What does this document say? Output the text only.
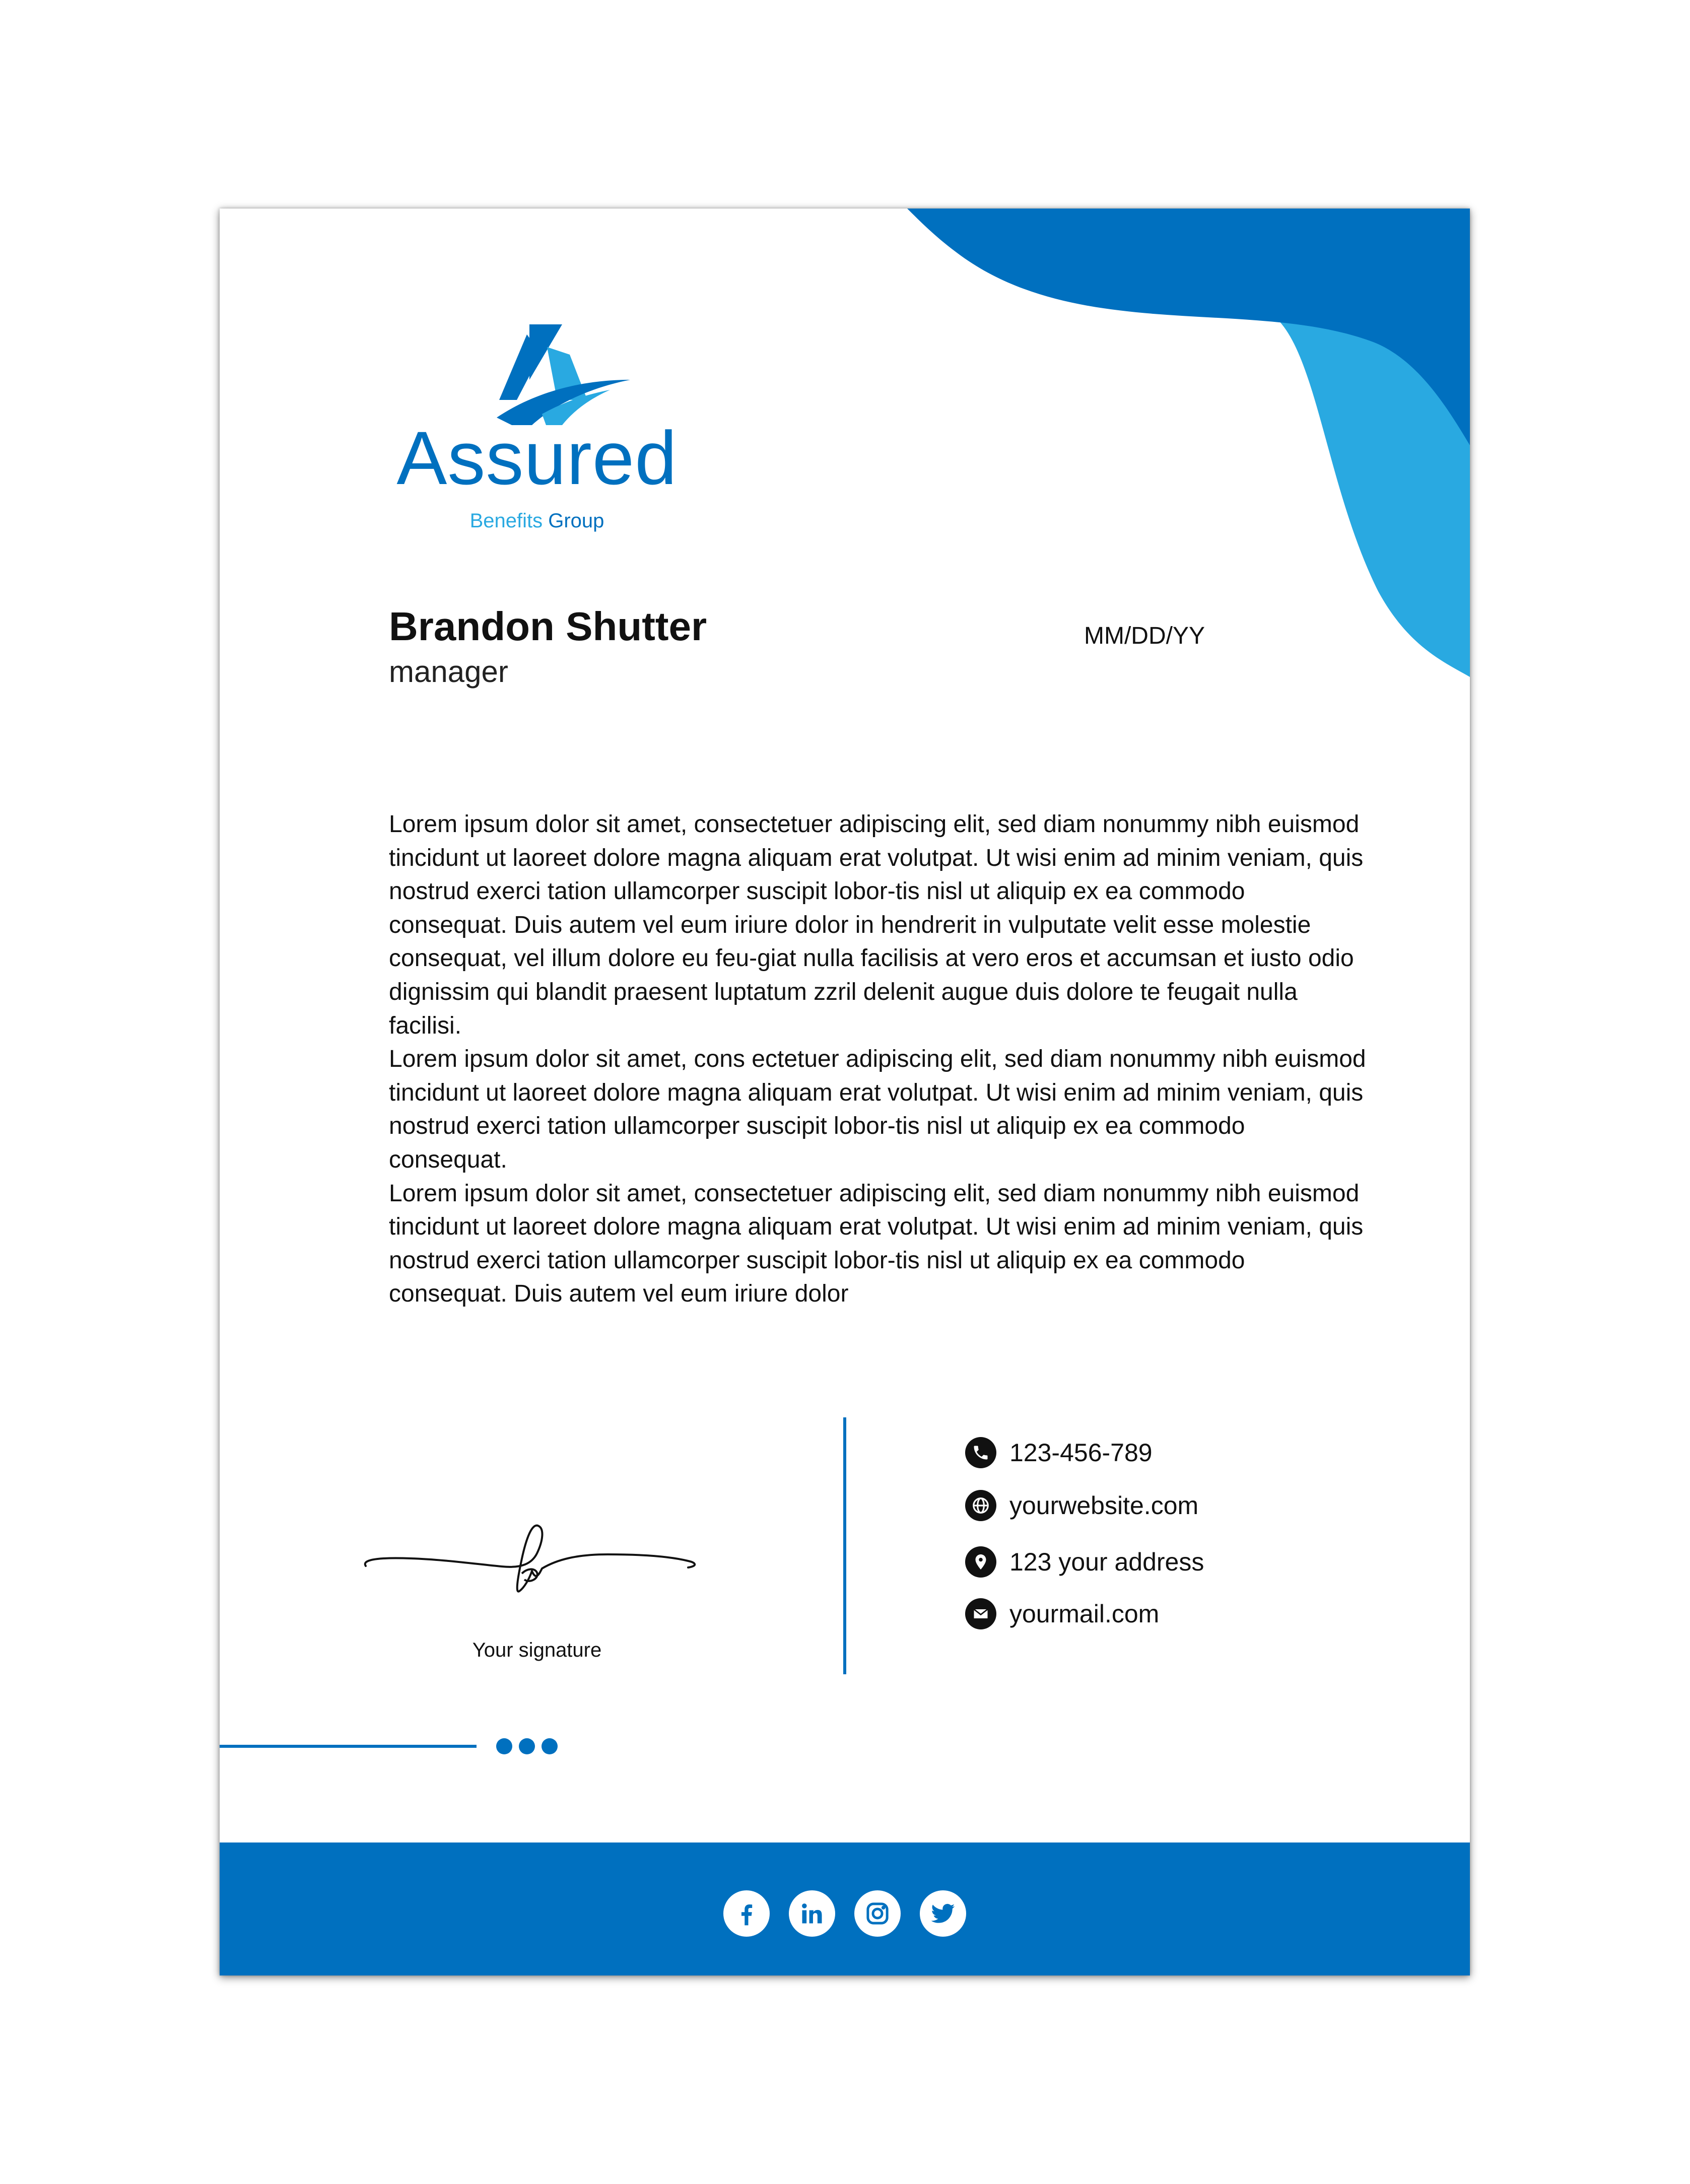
Assured
Benefits Group
Brandon Shutter
manager
MM/DD/YY

Lorem ipsum dolor sit amet, consectetuer adipiscing elit, sed diam nonummy nibh euismod tincidunt ut laoreet dolore magna aliquam erat volutpat. Ut wisi enim ad minim veniam, quis nostrud exerci tation ullamcorper suscipit lobor-tis nisl ut aliquip ex ea commodo consequat. Duis autem vel eum iriure dolor in hendrerit in vulputate velit esse molestie consequat, vel illum dolore eu feu-giat nulla facilisis at vero eros et accumsan et iusto odio dignissim qui blandit praesent luptatum zzril delenit augue duis dolore te feugait nulla facilisi.

Lorem ipsum dolor sit amet, cons ectetuer adipiscing elit, sed diam nonummy nibh euismod tincidunt ut laoreet dolore magna aliquam erat volutpat. Ut wisi enim ad minim veniam, quis nostrud exerci tation ullamcorper suscipit lobor-tis nisl ut aliquip ex ea commodo consequat.

Lorem ipsum dolor sit amet, consectetuer adipiscing elit, sed diam nonummy nibh euismod tincidunt ut laoreet dolore magna aliquam erat volutpat. Ut wisi enim ad minim veniam, quis nostrud exerci tation ullamcorper suscipit lobor-tis nisl ut aliquip ex ea commodo consequat. Duis autem vel eum iriure dolor

Your signature
123-456-789
yourwebsite.com
123 your address
yourmail.com
